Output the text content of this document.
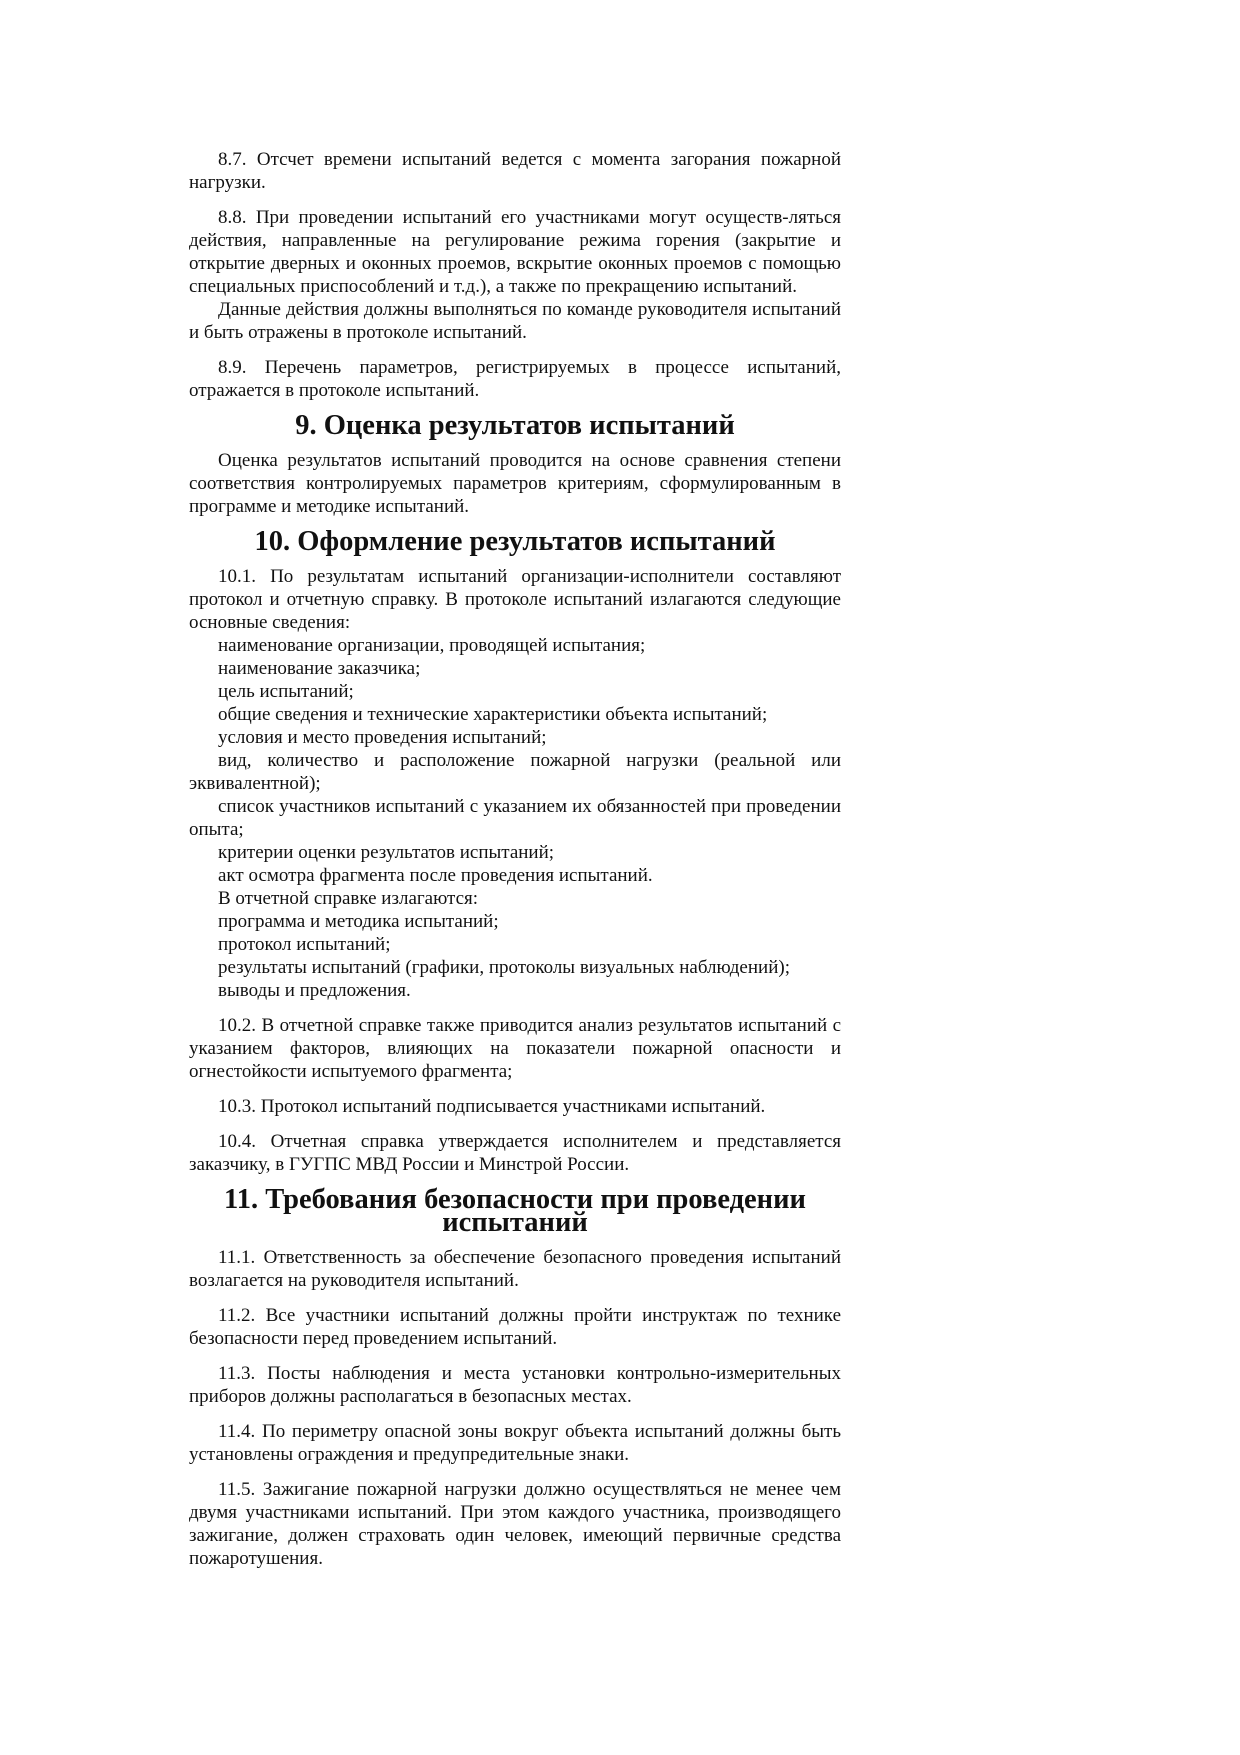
8.7. Отсчет времени испытаний ведется с момента загорания пожарной нагрузки.

8.8. При проведении испытаний его участниками могут осуществ-ляться действия, направленные на регулирование режима горения (закрытие и открытие дверных и оконных проемов, вскрытие оконных проемов с помощью специальных приспособлений и т.д.), а также по прекращению испытаний.

Данные действия должны выполняться по команде руководителя испытаний и быть отражены в протоколе испытаний.

8.9. Перечень параметров, регистрируемых в процессе испытаний, отражается в протоколе испытаний.

9. Оценка результатов испытаний

Оценка результатов испытаний проводится на основе сравнения степени соответствия контролируемых параметров критериям, сформулированным в программе и методике испытаний.

10. Оформление результатов испытаний

10.1. По результатам испытаний организации-исполнители составляют протокол и отчетную справку. В протоколе испытаний излагаются следующие основные сведения:

наименование организации, проводящей испытания;

наименование заказчика;

цель испытаний;

общие сведения и технические характеристики объекта испытаний;

условия и место проведения испытаний;

вид, количество и расположение пожарной нагрузки (реальной или эквивалентной);

список участников испытаний с указанием их обязанностей при проведении опыта;

критерии оценки результатов испытаний;

акт осмотра фрагмента после проведения испытаний.

В отчетной справке излагаются:

программа и методика испытаний;

протокол испытаний;

результаты испытаний (графики, протоколы визуальных наблюдений);

выводы и предложения.

10.2. В отчетной справке также приводится анализ результатов испытаний с указанием факторов, влияющих на показатели пожарной опасности и огнестойкости испытуемого фрагмента;

10.3. Протокол испытаний подписывается участниками испытаний.

10.4. Отчетная справка утверждается исполнителем и представляется заказчику, в ГУГПС МВД России и Минстрой России.

11. Требования безопасности при проведении испытаний

11.1. Ответственность за обеспечение безопасного проведения испытаний возлагается на руководителя испытаний.

11.2. Все участники испытаний должны пройти инструктаж по технике безопасности перед проведением испытаний.

11.3. Посты наблюдения и места установки контрольно-измерительных приборов должны располагаться в безопасных местах.

11.4. По периметру опасной зоны вокруг объекта испытаний должны быть установлены ограждения и предупредительные знаки.

11.5. Зажигание пожарной нагрузки должно осуществляться не менее чем двумя участниками испытаний. При этом каждого участника, производящего зажигание, должен страховать один человек, имеющий первичные средства пожаротушения.
